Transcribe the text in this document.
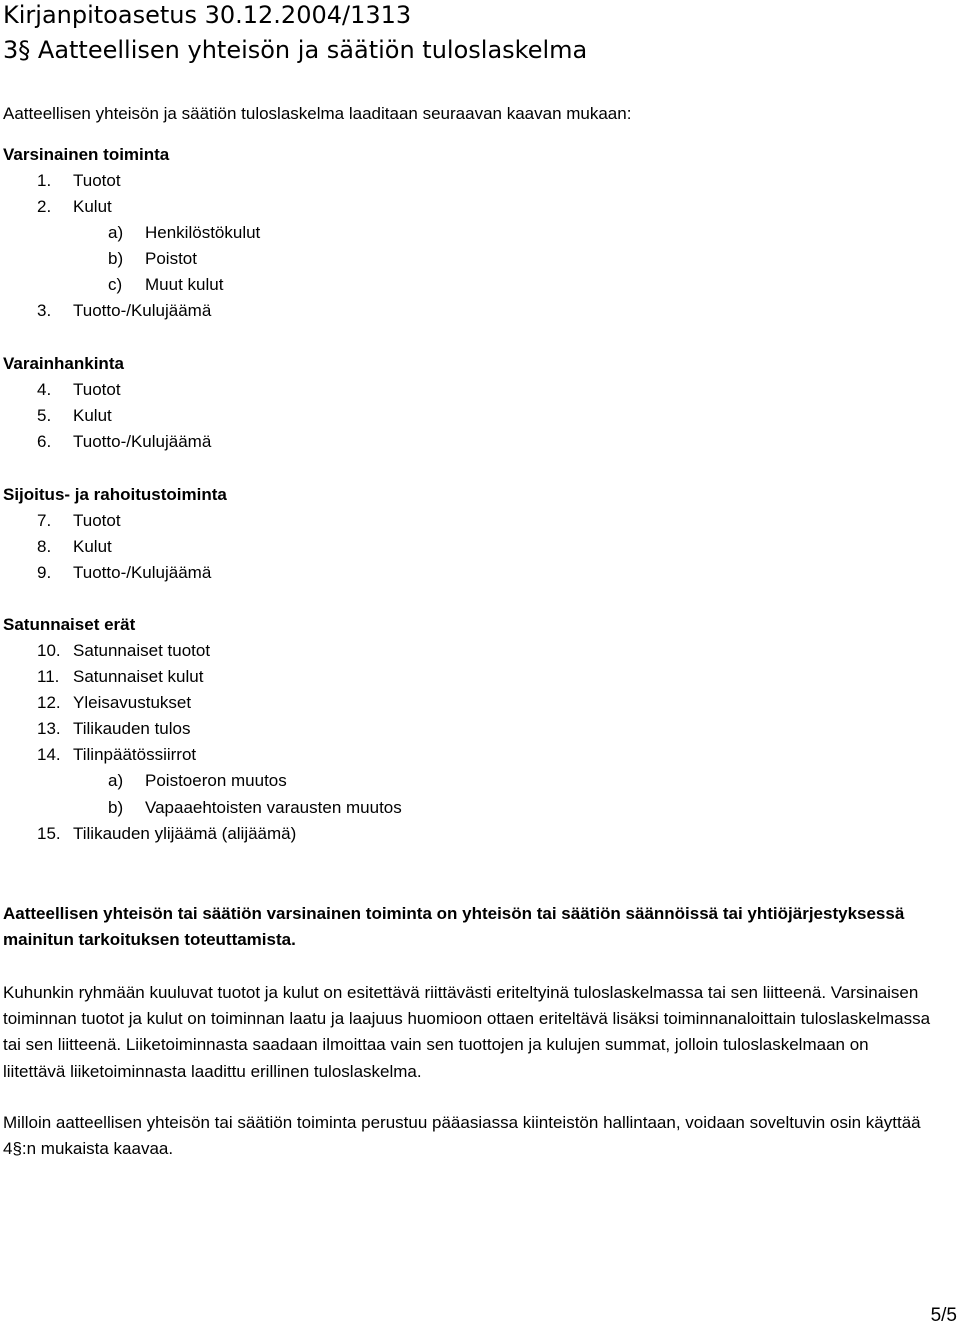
Kirjanpitoasetus 30.12.2004/1313
3§ Aatteellisen yhteisön ja säätiön tuloslaskelma

Aatteellisen yhteisön ja säätiön tuloslaskelma laaditaan seuraavan kaavan mukaan:

Varsinainen toiminta
1.	Tuotot
2.	Kulut
a)	Henkilöstökulut
b)	Poistot
c)	Muut kulut
3.	Tuotto-/Kulujäämä
Varainhankinta
4.	Tuotot
5.	Kulut
6.	Tuotto-/Kulujäämä
Sijoitus- ja rahoitustoiminta
7.	Tuotot
8.	Kulut
9.	Tuotto-/Kulujäämä
Satunnaiset erät
10. Satunnaiset tuotot
11. Satunnaiset kulut
12. Yleisavustukset
13. Tilikauden tulos
14. Tilinpäätössiirrot
a)	Poistoeron muutos
b)	Vapaaehtoisten varausten muutos
15. Tilikauden ylijäämä (alijäämä)

Aatteellisen yhteisön tai säätiön varsinainen toiminta on yhteisön tai säätiön säännöissä tai yhtiöjärjestyksessä mainitun tarkoituksen toteuttamista.

Kuhunkin ryhmään kuuluvat tuotot ja kulut on esitettävä riittävästi eriteltyinä tuloslaskelmassa tai sen liitteenä. Varsinaisen toiminnan tuotot ja kulut on toiminnan laatu ja laajuus huomioon ottaen eriteltävä lisäksi toiminnanaloittain tuloslaskelmassa tai sen liitteenä. Liiketoiminnasta saadaan ilmoittaa vain sen tuottojen ja kulujen summat, jolloin tuloslaskelmaan on liitettävä liiketoiminnasta laadittu erillinen tuloslaskelma.

Milloin aatteellisen yhteisön tai säätiön toiminta perustuu pääasiassa kiinteistön hallintaan, voidaan soveltuvin osin käyttää 4§:n mukaista kaavaa.

5/5
